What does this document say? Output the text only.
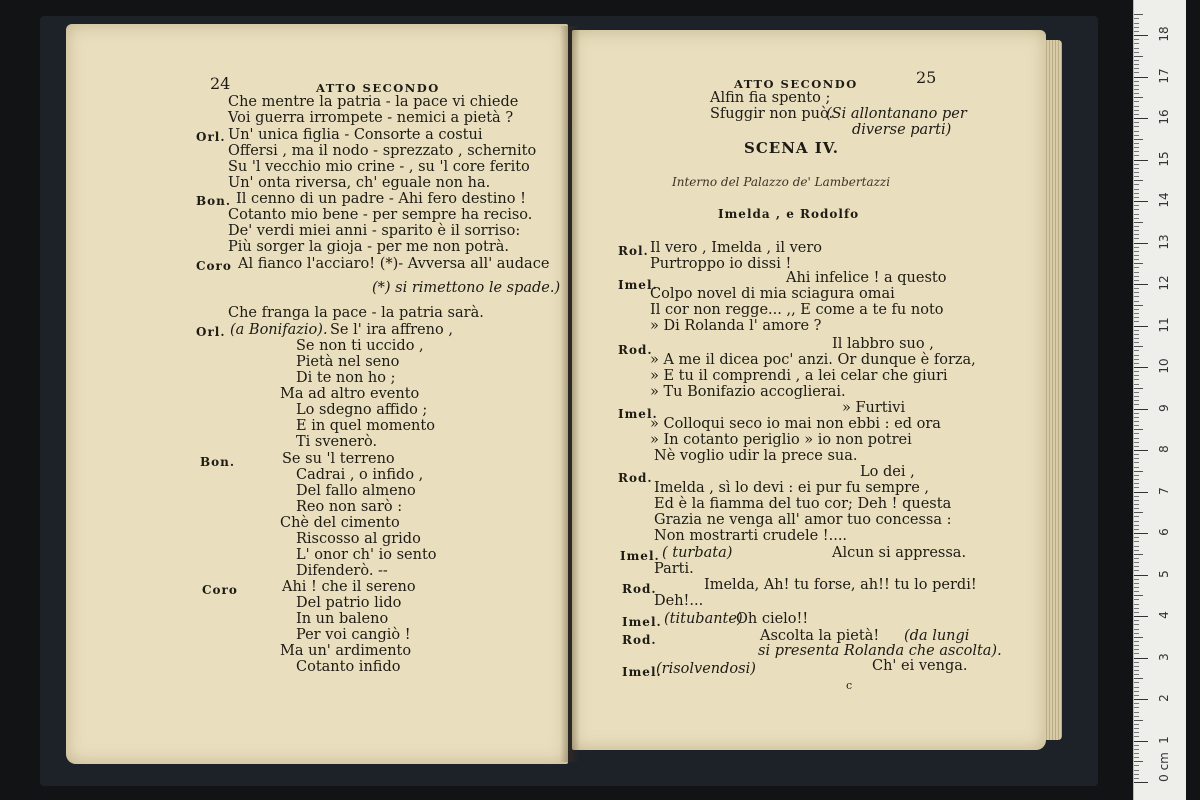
24	ATTO SECONDO
Che mentre la patria - la pace vi chiede
Voi guerra irrompete - nemici a pietà ?
Orl. Un' unica figlia - Consorte a costui
Offersi , ma il nodo - sprezzato , schernito
Su 'l vecchio mio crine - , su 'l core ferito
Un' onta riversa, ch' eguale non ha.
Bon. Il cenno di un padre - Ahi fero destino !
Cotanto mio bene - per sempre ha reciso.
De' verdi miei anni - sparito è il sorriso:
Più sorger la gioja - per me non potrà.
Coro Al fianco l'acciaro! (*)- Avversa all' audace
(*) si rimettono le spade.)
Che franga la pace - la patria sarà.
Orl. (a Bonifazio). Se l' ira affreno ,
Se non ti uccido ,
Pietà nel seno
Di te non ho ;
Ma ad altro evento
Lo sdegno affido ;
E in quel momento
Ti svenerò.
Bon.	Se su 'l terreno
Cadrai , o infido ,
Del fallo almeno
Reo non sarò :
Chè del cimento
Riscosso al grido
L' onor ch' io sento
Difenderò. --
Coro	Ahi ! che il sereno
Del patrio lido
In un baleno
Per voi cangiò !
Ma un' ardimento
Cotanto infido
ATTO SECONDO	25
Alfin fia spento ;
Sfuggir non può.
(Si allontanano per
diverse parti)
SCENA IV.
Interno del Palazzo de' Lambertazzi
Imelda , e Rodolfo
Rol. Il vero , Imelda , il vero
Purtroppo io dissi !
Imel.	Ahi infelice ! a questo
Colpo novel di mia sciagura omai
Il cor non regge... ,, E come a te fu noto
» Di Rolanda l' amore ?
Rod.	Il labbro suo ,
» A me il dicea poc' anzi. Or dunque è forza,
» E tu il comprendi , a lei celar che giuri
» Tu Bonifazio accoglierai.
Imel.	» Furtivi
» Colloqui seco io mai non ebbi : ed ora
» In cotanto periglio » io non potrei
Nè voglio udir la prece sua.
Rod.	Lo dei ,
Imelda , sì lo devi : ei pur fu sempre ,
Ed è la fiamma del tuo cor; Deh ! questa
Grazia ne venga all' amor tuo concessa :
Non mostrarti crudele !....
Imel. ( turbata)	Alcun si appressa.
Parti.
Rod.	Imelda, Ah! tu forse, ah!! tu lo perdi!
Deh!...
Imel. (titubante)
Oh cielo!!
Rod.	Ascolta la pietà! (da lungi
si presenta Rolanda che ascolta).
Imel.
(risolvendosi)	Ch' ei venga.
c
0 cm
1
2
3
4
5
6
7
8
9
10
11
12
13
14
15
16
17
18
